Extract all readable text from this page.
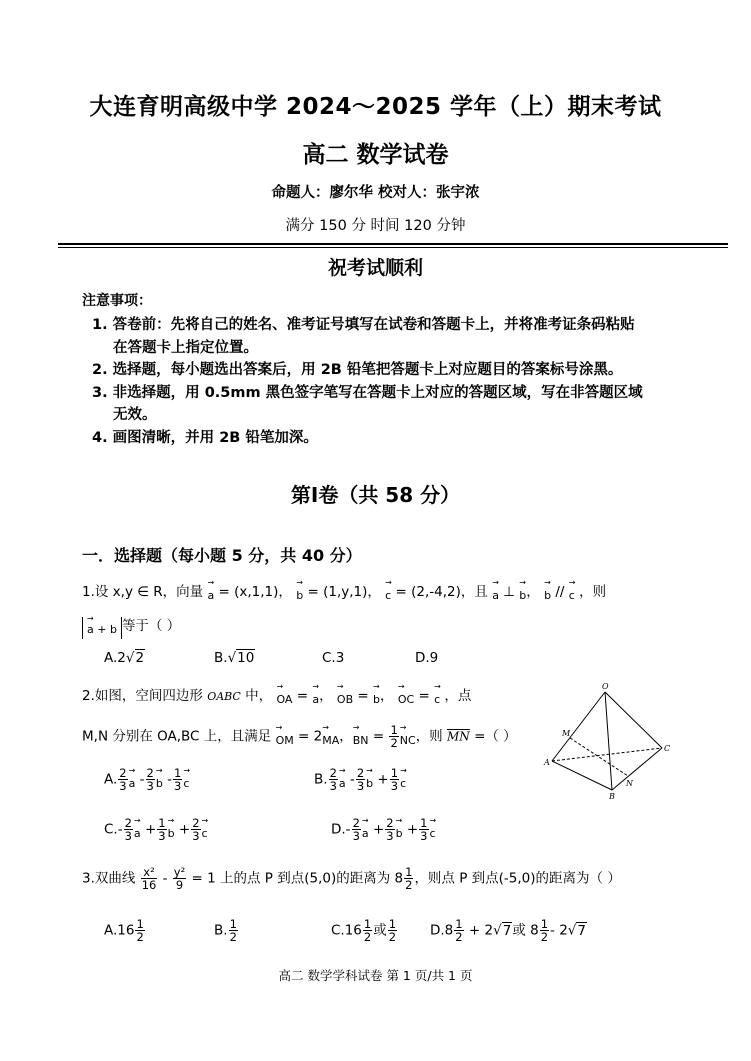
大连育明高级中学 2024～2025 学年（上）期末考试
高二 数学试卷
命题人：廖尔华 校对人：张宇浓
满分 150 分 时间 120 分钟
祝考试顺利
注意事项：
1. 答卷前：先将自己的姓名、准考证号填写在试卷和答题卡上，并将准考证条码粘贴
在答题卡上指定位置。
2. 选择题，每小题选出答案后，用 2B 铅笔把答题卡上对应题目的答案标号涂黑。
3. 非选择题，用 0.5mm 黑色签字笔写在答题卡上对应的答题区域，写在非答题区域
无效。
4. 画图清晰，并用 2B 铅笔加深。
第Ⅰ卷（共 58 分）
一．选择题（每小题 5 分，共 40 分）
1.设 x,y ∈ R，向量 → a = (x,1,1)， → b = (1,y,1)， → c = (2,-4,2)，且 → a ⊥ → b， → b // → c ，则
→ a + b 等于（ ）
A.2√2	B.√10	C.3	D.9
2.如图，空间四边形 OABC 中， → OA = → a， → OB = → b， → OC = → c ，点
M,N 分别在 OA,BC 上，且满足 → OM = 2→ MA，→ BN = $\frac{1}{2}$ → NC，则 $\overline{MN}$ =（ ）
O
A
B
C
M
N
A. $\frac{2}{3} \to a - \frac{2}{3} \to b - \frac{1}{3} \to c$	B. $\frac{2}{3} \to a - \frac{2}{3} \to b + \frac{1}{3} \to c$
$C.- \frac{2}{3} \to a + \frac{1}{3} \to b + \frac{2}{3} \to c$	$D.- \frac{2}{3} \to a + \frac{2}{3} \to b + \frac{1}{3} \to c$
3.双曲线 $\frac{\text{x²}}{16} - \frac{\text{y²}}{9} = 1$ 上的点 P 到点(5,0)的距离为 $8 \frac{1}{2}$ ，则点 P 到点(-5,0)的距离为（ ）
$A.16 \frac{1}{2}$	B. $\frac{1}{2}$	$C.16 \frac{1}{2}$ 或 $\frac{1}{2} D.8 \frac{1}{2} + 2√7$或 $8 \frac{1}{2} - 2√7$
高二 数学学科试卷 第 1 页/共 1 页
